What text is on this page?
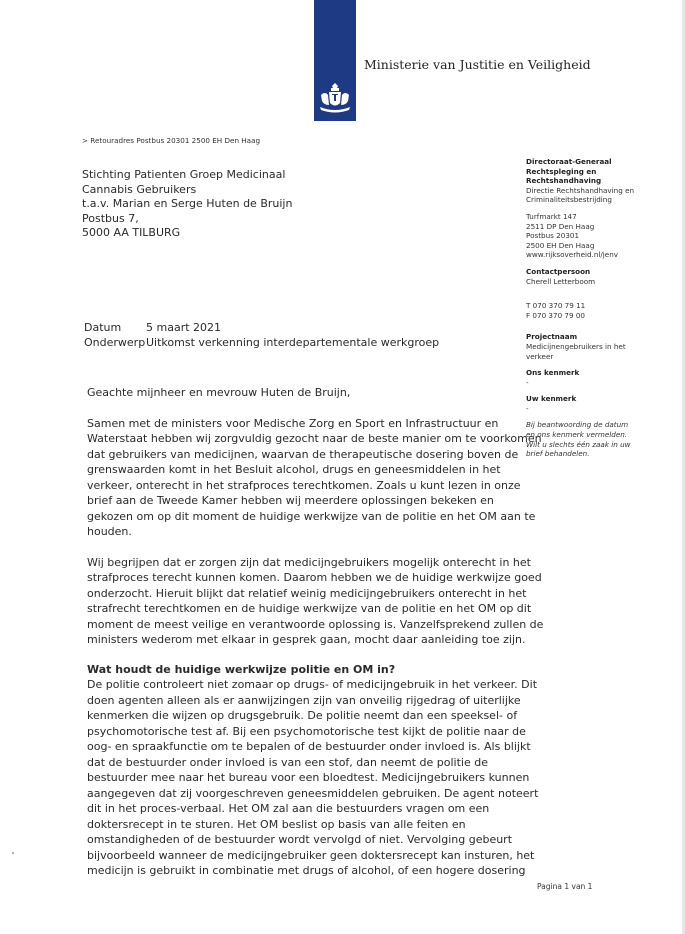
Ministerie van Justitie en Veiligheid
> Retouradres Postbus 20301 2500 EH Den Haag
Stichting Patienten Groep Medicinaal
Cannabis Gebruikers
t.a.v. Marian en Serge Huten de Bruijn
Postbus 7,
5000 AA TILBURG
Directoraat-Generaal
Rechtspleging en
Rechtshandhaving
Directie Rechtshandhaving en
Criminaliteitsbestrijding
Turfmarkt 147
2511 DP Den Haag
Postbus 20301
2500 EH Den Haag
www.rijksoverheid.nl/jenv
Contactpersoon
Cherell Letterboom
T 070 370 79 11
F 070 370 79 00
Projectnaam
Medicijnengebruikers in het
verkeer
Ons kenmerk
-
Uw kenmerk
-
Bij beantwoording de datum
en ons kenmerk vermelden.
Wilt u slechts één zaak in uw
brief behandelen.
Datum 5 maart 2021
OnderwerpUitkomst verkenning interdepartementale werkgroep

Geachte mijnheer en mevrouw Huten de Bruijn,

Samen met de ministers voor Medische Zorg en Sport en Infrastructuur en
Waterstaat hebben wij zorgvuldig gezocht naar de beste manier om te voorkomen
dat gebruikers van medicijnen, waarvan de therapeutische dosering boven de
grenswaarden komt in het Besluit alcohol, drugs en geneesmiddelen in het
verkeer, onterecht in het strafproces terechtkomen. Zoals u kunt lezen in onze
brief aan de Tweede Kamer hebben wij meerdere oplossingen bekeken en
gekozen om op dit moment de huidige werkwijze van de politie en het OM aan te
houden.

Wij begrijpen dat er zorgen zijn dat medicijngebruikers mogelijk onterecht in het
strafproces terecht kunnen komen. Daarom hebben we de huidige werkwijze goed
onderzocht. Hieruit blijkt dat relatief weinig medicijngebruikers onterecht in het
strafrecht terechtkomen en de huidige werkwijze van de politie en het OM op dit
moment de meest veilige en verantwoorde oplossing is. Vanzelfsprekend zullen de
ministers wederom met elkaar in gesprek gaan, mocht daar aanleiding toe zijn.

Wat houdt de huidige werkwijze politie en OM in?

De politie controleert niet zomaar op drugs- of medicijngebruik in het verkeer. Dit
doen agenten alleen als er aanwijzingen zijn van onveilig rijgedrag of uiterlijke
kenmerken die wijzen op drugsgebruik. De politie neemt dan een speeksel- of
psychomotorische test af. Bij een psychomotorische test kijkt de politie naar de
oog- en spraakfunctie om te bepalen of de bestuurder onder invloed is. Als blijkt
dat de bestuurder onder invloed is van een stof, dan neemt de politie de
bestuurder mee naar het bureau voor een bloedtest. Medicijngebruikers kunnen
aangegeven dat zij voorgeschreven geneesmiddelen gebruiken. De agent noteert
dit in het proces-verbaal. Het OM zal aan die bestuurders vragen om een
doktersrecept in te sturen. Het OM beslist op basis van alle feiten en
omstandigheden of de bestuurder wordt vervolgd of niet. Vervolging gebeurt
bijvoorbeeld wanneer de medicijngebruiker geen doktersrecept kan insturen, het
medicijn is gebruikt in combinatie met drugs of alcohol, of een hogere dosering

Pagina 1 van 1
